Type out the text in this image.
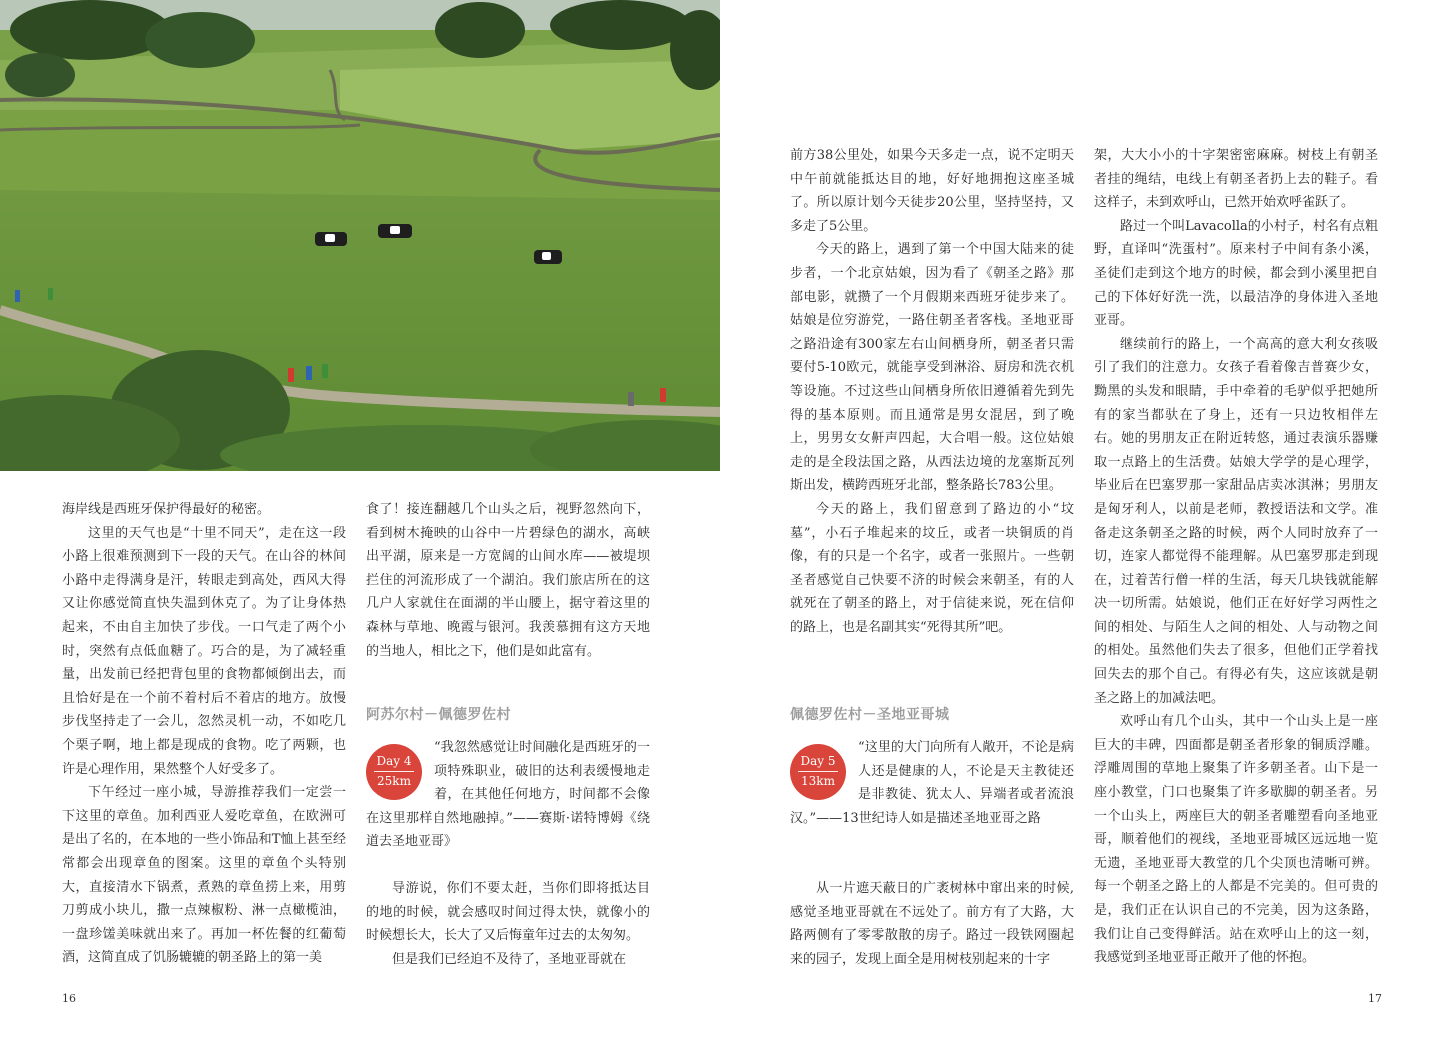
海岸线是西班牙保护得最好的秘密。

这里的天气也是“十里不同天”，走在这一段小路上很难预测到下一段的天气。在山谷的林间小路中走得满身是汗，转眼走到高处，西风大得又让你感觉简直快失温到休克了。为了让身体热起来，不由自主加快了步伐。一口气走了两个小时，突然有点低血糖了。巧合的是，为了减轻重量，出发前已经把背包里的食物都倾倒出去，而且恰好是在一个前不着村后不着店的地方。放慢步伐坚持走了一会儿，忽然灵机一动，不如吃几个栗子啊，地上都是现成的食物。吃了两颗，也许是心理作用，果然整个人好受多了。

下午经过一座小城，导游推荐我们一定尝一下这里的章鱼。加利西亚人爱吃章鱼，在欧洲可是出了名的，在本地的一些小饰品和T恤上甚至经常都会出现章鱼的图案。这里的章鱼个头特别大，直接清水下锅煮，煮熟的章鱼捞上来，用剪刀剪成小块儿，撒一点辣椒粉、淋一点橄榄油，一盘珍馐美味就出来了。再加一杯佐餐的红葡萄酒，这简直成了饥肠辘辘的朝圣路上的第一美

食了！接连翻越几个山头之后，视野忽然向下，看到树木掩映的山谷中一片碧绿色的湖水，高峡出平湖，原来是一方宽阔的山间水库——被堤坝拦住的河流形成了一个湖泊。我们旅店所在的这几户人家就住在面湖的半山腰上，据守着这里的森林与草地、晚霞与银河。我羡慕拥有这方天地的当地人，相比之下，他们是如此富有。

阿苏尔村－佩德罗佐村
Day 4
25km

“我忽然感觉让时间融化是西班牙的一项特殊职业，破旧的达利表缓慢地走着，在其他任何地方，时间都不会像在这里那样自然地融掉。”——赛斯·诺特博姆《绕道去圣地亚哥》

导游说，你们不要太赶，当你们即将抵达目的地的时候，就会感叹时间过得太快，就像小的时候想长大，长大了又后悔童年过去的太匆匆。

但是我们已经迫不及待了，圣地亚哥就在

16

前方38公里处，如果今天多走一点，说不定明天中午前就能抵达目的地，好好地拥抱这座圣城了。所以原计划今天徒步20公里，坚持坚持，又多走了5公里。

今天的路上，遇到了第一个中国大陆来的徒步者，一个北京姑娘，因为看了《朝圣之路》那部电影，就攒了一个月假期来西班牙徒步来了。姑娘是位穷游党，一路住朝圣者客栈。圣地亚哥之路沿途有300家左右山间栖身所，朝圣者只需要付5-10欧元，就能享受到淋浴、厨房和洗衣机等设施。不过这些山间栖身所依旧遵循着先到先得的基本原则。而且通常是男女混居，到了晚上，男男女女鼾声四起，大合唱一般。这位姑娘走的是全段法国之路，从西法边境的龙塞斯瓦列斯出发，横跨西班牙北部，整条路长783公里。

今天的路上，我们留意到了路边的小“坟墓”，小石子堆起来的坟丘，或者一块铜质的肖像，有的只是一个名字，或者一张照片。一些朝圣者感觉自己快要不济的时候会来朝圣，有的人就死在了朝圣的路上，对于信徒来说，死在信仰的路上，也是名副其实“死得其所”吧。

佩德罗佐村－圣地亚哥城
Day 5
13km

“这里的大门向所有人敞开，不论是病人还是健康的人，不论是天主教徒还是非教徒、犹太人、异端者或者流浪汉。”——13世纪诗人如是描述圣地亚哥之路

从一片遮天蔽日的广袤树林中窜出来的时候,感觉圣地亚哥就在不远处了。前方有了大路，大路两侧有了零零散散的房子。路过一段铁网圈起来的园子，发现上面全是用树枝别起来的十字

架，大大小小的十字架密密麻麻。树枝上有朝圣者挂的绳结，电线上有朝圣者扔上去的鞋子。看这样子，未到欢呼山，已然开始欢呼雀跃了。

路过一个叫Lavacolla的小村子，村名有点粗野，直译叫“洗蛋村”。原来村子中间有条小溪，圣徒们走到这个地方的时候，都会到小溪里把自己的下体好好洗一洗，以最洁净的身体进入圣地亚哥。

继续前行的路上，一个高高的意大利女孩吸引了我们的注意力。女孩子看着像吉普赛少女，黝黑的头发和眼睛，手中牵着的毛驴似乎把她所有的家当都驮在了身上，还有一只边牧相伴左右。她的男朋友正在附近转悠，通过表演乐器赚取一点路上的生活费。姑娘大学学的是心理学，毕业后在巴塞罗那一家甜品店卖冰淇淋；男朋友是匈牙利人，以前是老师，教授语法和文学。准备走这条朝圣之路的时候，两个人同时放弃了一切，连家人都觉得不能理解。从巴塞罗那走到现在，过着苦行僧一样的生活，每天几块钱就能解决一切所需。姑娘说，他们正在好好学习两性之间的相处、与陌生人之间的相处、人与动物之间的相处。虽然他们失去了很多，但他们正学着找回失去的那个自己。有得必有失，这应该就是朝圣之路上的加减法吧。

欢呼山有几个山头，其中一个山头上是一座巨大的丰碑，四面都是朝圣者形象的铜质浮雕。浮雕周围的草地上聚集了许多朝圣者。山下是一座小教堂，门口也聚集了许多歇脚的朝圣者。另一个山头上，两座巨大的朝圣者雕塑看向圣地亚哥，顺着他们的视线，圣地亚哥城区远远地一览无遗，圣地亚哥大教堂的几个尖顶也清晰可辨。每一个朝圣之路上的人都是不完美的。但可贵的是，我们正在认识自己的不完美，因为这条路，我们让自己变得鲜活。站在欢呼山上的这一刻，我感觉到圣地亚哥正敞开了他的怀抱。

17
